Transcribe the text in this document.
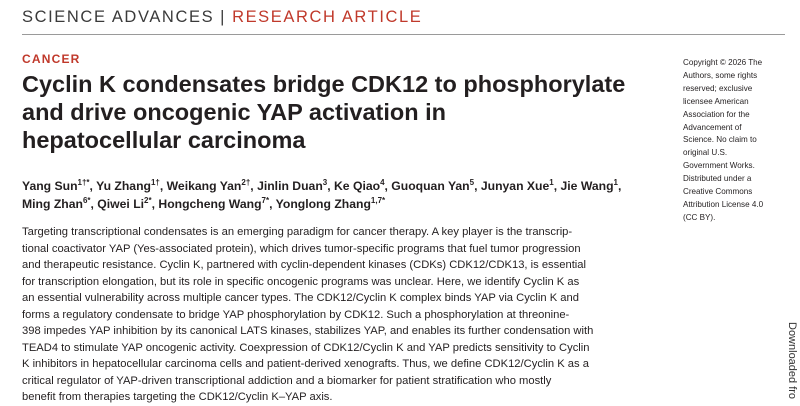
SCIENCE ADVANCES | RESEARCH ARTICLE
CANCER
Cyclin K condensates bridge CDK12 to phosphorylate
and drive oncogenic YAP activation in
hepatocellular carcinoma
Yang Sun$^{1\dagger*}$, Yu Zhang$^{1\dagger}$, Weikang Yan$^{2\dagger}$, Jinlin Duan$^3$, Ke Qiao$^4$, Guoquan Yan$^5$, Junyan Xue$^1$, Jie Wang$^1$, Ming Zhan$^{6*}$, Qiwei $Li^{2*}$, Hongcheng Wang$^{7*}$, Yonglong Zhang$^{1,7*}$

Targeting transcriptional condensates is an emerging paradigm for cancer therapy. A key player is the transcrip-
tional coactivator YAP (Yes-associated protein), which drives tumor-specific programs that fuel tumor progression
and therapeutic resistance. Cyclin K, partnered with cyclin-dependent kinases (CDKs) CDK12/CDK13, is essential
for transcription elongation, but its role in specific oncogenic programs was unclear. Here, we identify Cyclin K as
an essential vulnerability across multiple cancer types. The CDK12/Cyclin K complex binds YAP via Cyclin K and
forms a regulatory condensate to bridge YAP phosphorylation by CDK12. Such a phosphorylation at threonine-
398 impedes YAP inhibition by its canonical LATS kinases, stabilizes YAP, and enables its further condensation with
TEAD4 to stimulate YAP oncogenic activity. Coexpression of CDK12/Cyclin K and YAP predicts sensitivity to Cyclin
K inhibitors in hepatocellular carcinoma cells and patient-derived xenografts. Thus, we define CDK12/Cyclin K as a
critical regulator of YAP-driven transcriptional addiction and a biomarker for patient stratification who mostly
benefit from therapies targeting the CDK12/Cyclin K–YAP axis.

Copyright © 2026 The
Authors, some rights
reserved; exclusive
licensee American
Association for the
Advancement of
Science. No claim to
original U.S.
Government Works.
Distributed under a
Creative Commons
Attribution License 4.0
(CC BY).

Downloaded fro
